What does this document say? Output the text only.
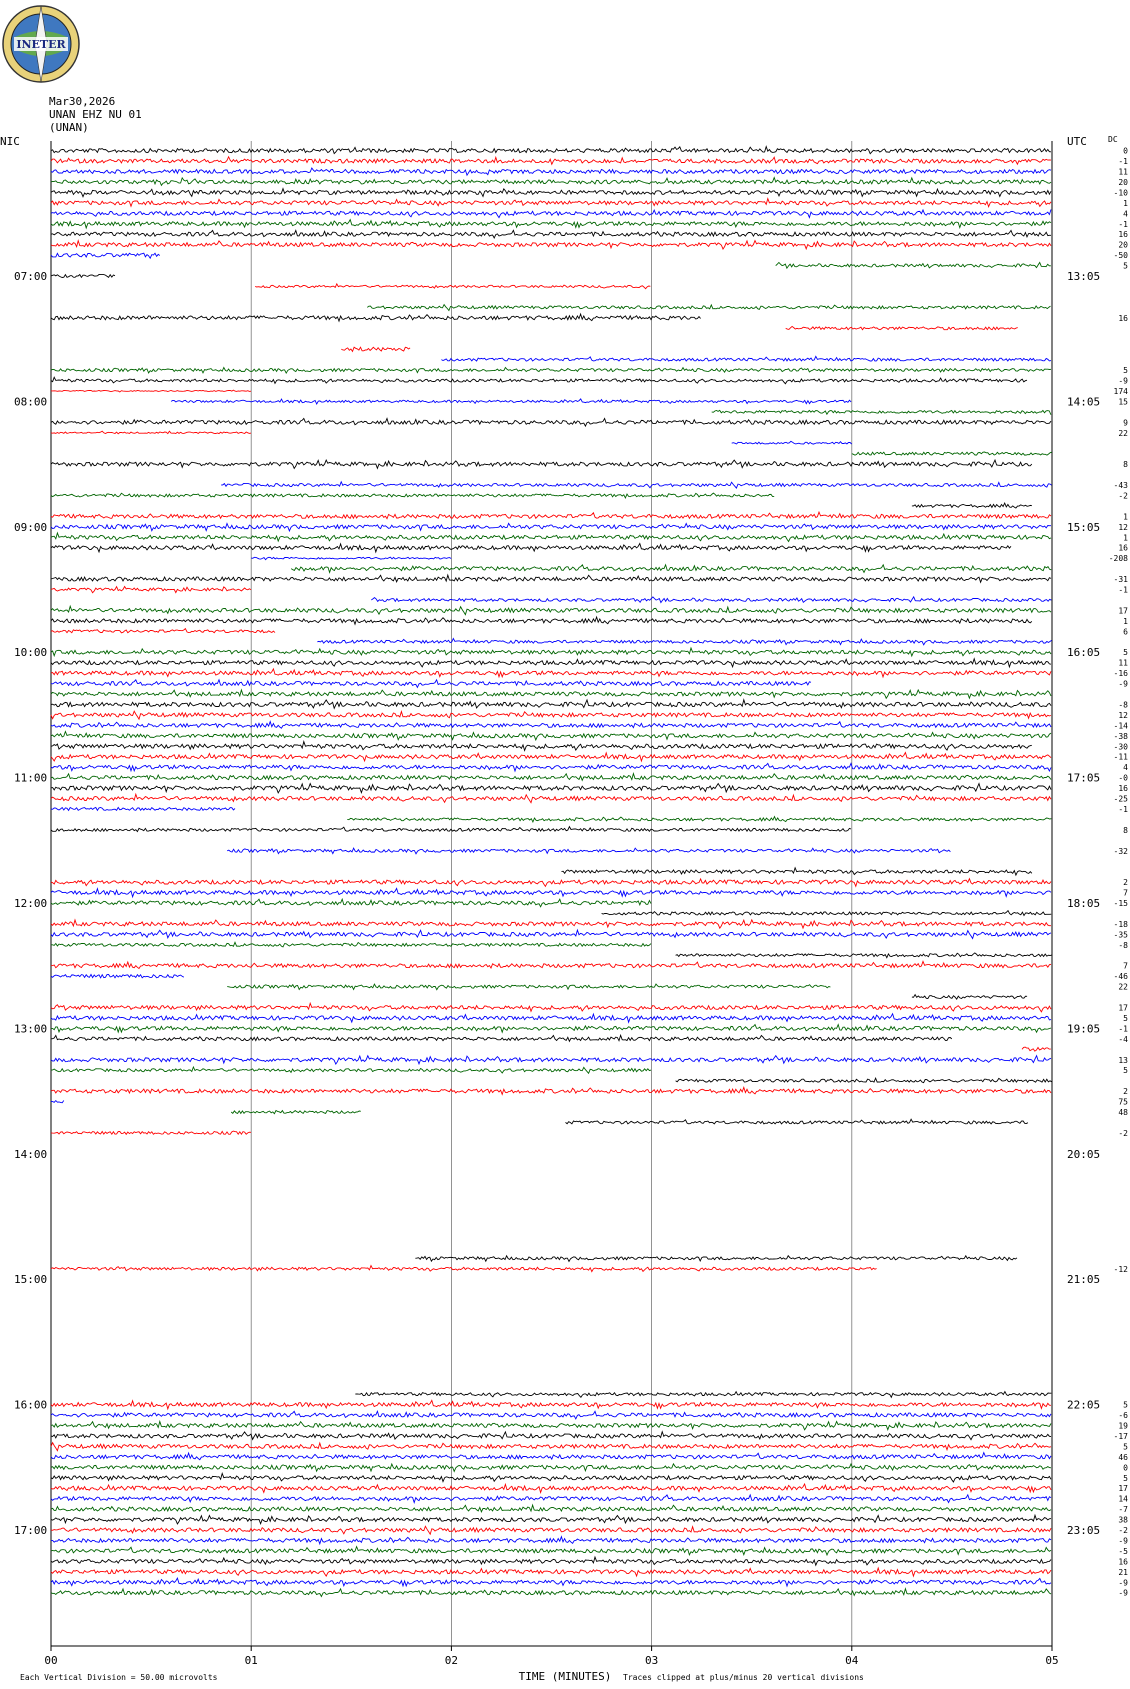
INETER
Mar30,2026
UNAN EHZ NU 01
(UNAN)
NIC	UTC	DC
00	01	02	03	04	05
07:00
08:00
09:00
10:00
11:00
12:00
13:00
14:00
15:00
16:00
17:00
13:05
14:05
15:05
16:05
17:05
18:05
19:05
20:05
21:05
22:05
23:05
0
-1
11
20
-10
1
4
-1
16
20
-50
5
16
5
-9
174
15
9
22
8
-43
-2
1
12
1
16
-208
-31
-1
17
1
6
5
11
-16
-9
-8
12
-14
-38
-30
-11
4
-0
16
-25
-1
8
-32
2
7
-15
-18
-35
-8
7
-46
22
17
5
-1
-4
13
5
2
75
48
-2
-12
5
-6
19
-17
5
46
0
5
17
14
-7
38
-2
-9
-5
16
21
-9
-9
Each Vertical Division = 50.00 microvolts	TIME (MINUTES) Traces clipped at plus/minus 20 vertical divisions
